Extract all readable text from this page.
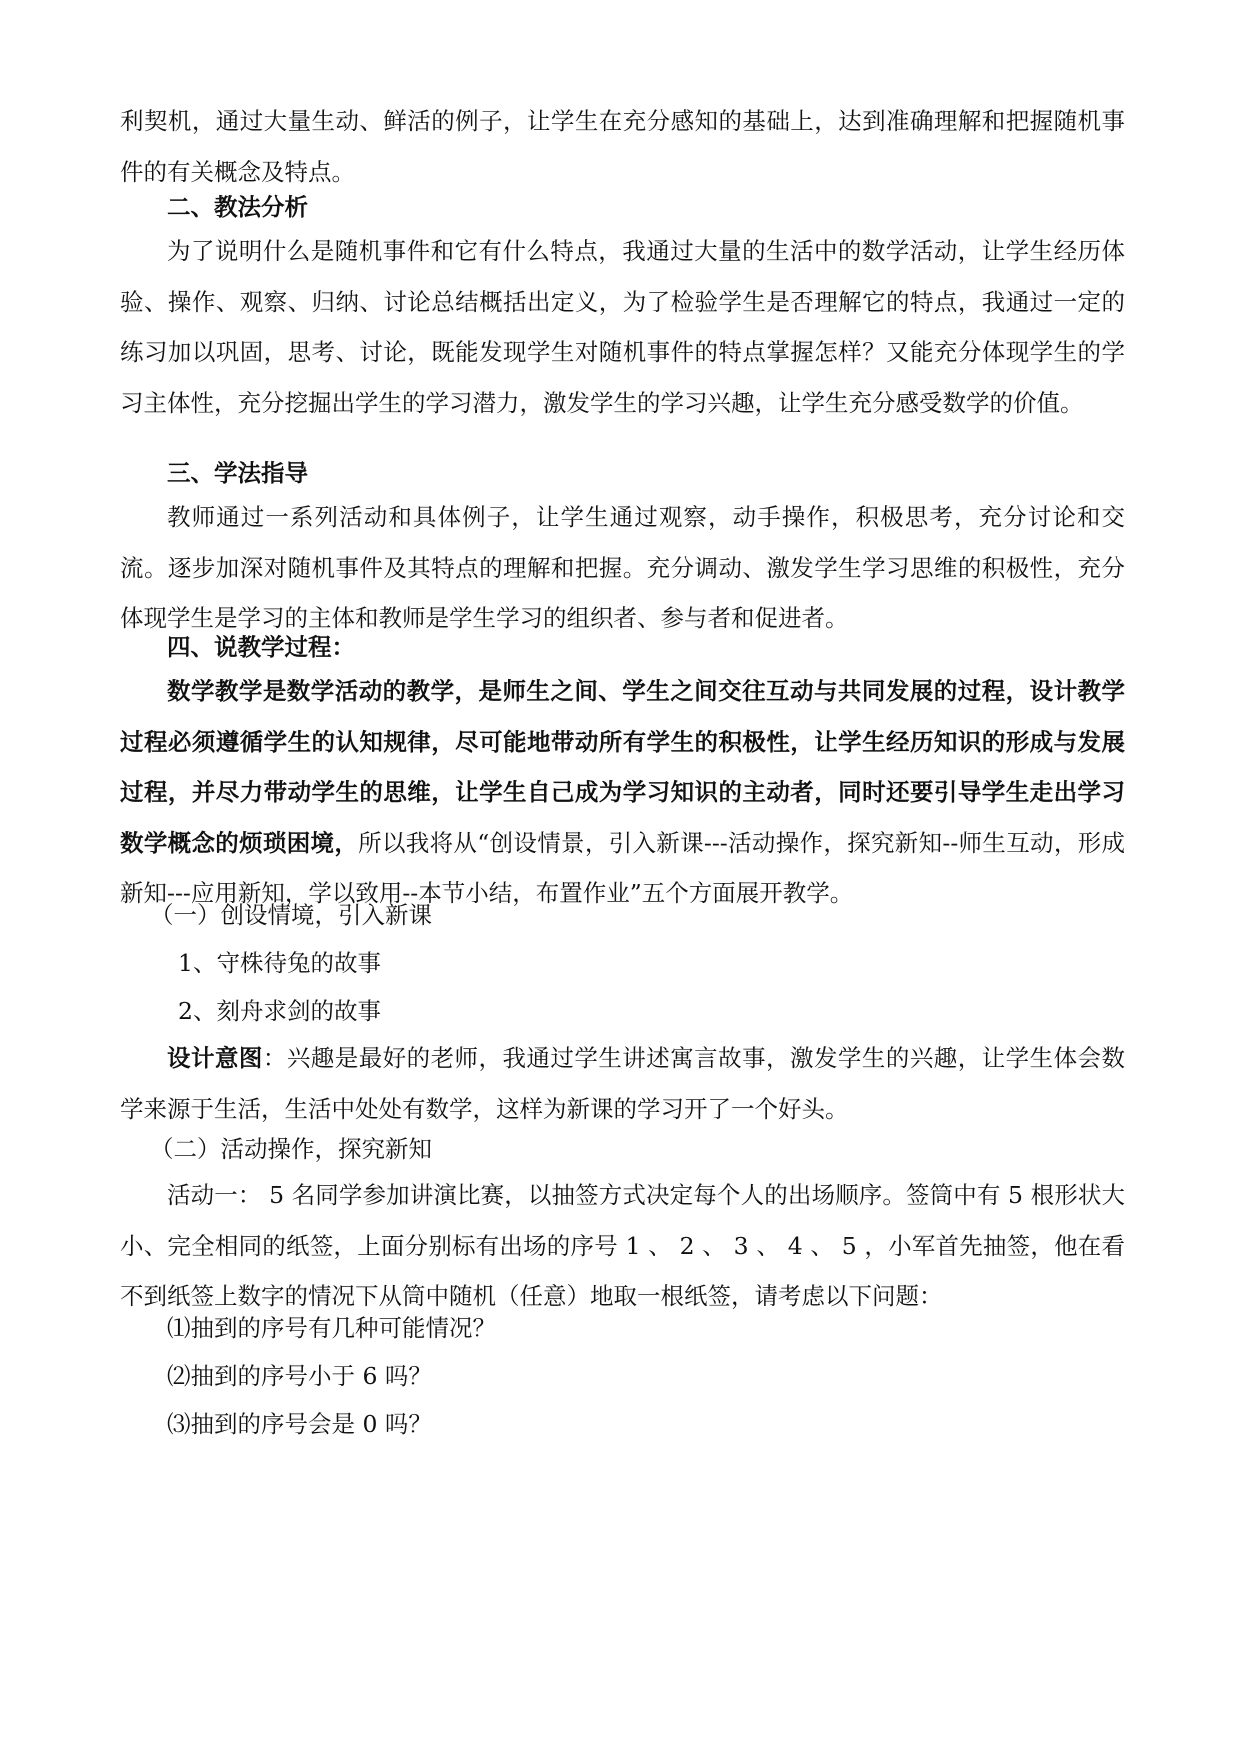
利契机，通过大量生动、鲜活的例子，让学生在充分感知的基础上，达到准确理解和把握随机事件的有关概念及特点。

二、教法分析

为了说明什么是随机事件和它有什么特点，我通过大量的生活中的数学活动，让学生经历体验、操作、观察、归纳、讨论总结概括出定义，为了检验学生是否理解它的特点，我通过一定的练习加以巩固，思考、讨论，既能发现学生对随机事件的特点掌握怎样？又能充分体现学生的学习主体性，充分挖掘出学生的学习潜力，激发学生的学习兴趣，让学生充分感受数学的价值。

三、学法指导

教师通过一系列活动和具体例子，让学生通过观察，动手操作，积极思考，充分讨论和交流。逐步加深对随机事件及其特点的理解和把握。充分调动、激发学生学习思维的积极性，充分体现学生是学习的主体和教师是学生学习的组织者、参与者和促进者。

四、说教学过程：

数学教学是数学活动的教学，是师生之间、学生之间交往互动与共同发展的过程，设计教学过程必须遵循学生的认知规律，尽可能地带动所有学生的积极性，让学生经历知识的形成与发展过程，并尽力带动学生的思维，让学生自己成为学习知识的主动者，同时还要引导学生走出学习数学概念的烦琐困境，所以我将从“创设情景，引入新课---活动操作，探究新知--师生互动，形成新知---应用新知，学以致用--本节小结，布置作业”五个方面展开教学。

（一）创设情境，引入新课

1、守株待兔的故事

2、刻舟求剑的故事

设计意图：兴趣是最好的老师，我通过学生讲述寓言故事，激发学生的兴趣，让学生体会数学来源于生活，生活中处处有数学，这样为新课的学习开了一个好头。

（二）活动操作，探究新知

活动一： 5 名同学参加讲演比赛，以抽签方式决定每个人的出场顺序。签筒中有 5 根形状大小、完全相同的纸签，上面分别标有出场的序号 1 、 2 、 3 、 4 、 5 ，小军首先抽签，他在看不到纸签上数字的情况下从筒中随机（任意）地取一根纸签，请考虑以下问题：

⑴抽到的序号有几种可能情况？

⑵抽到的序号小于 6 吗？

⑶抽到的序号会是 0 吗？
